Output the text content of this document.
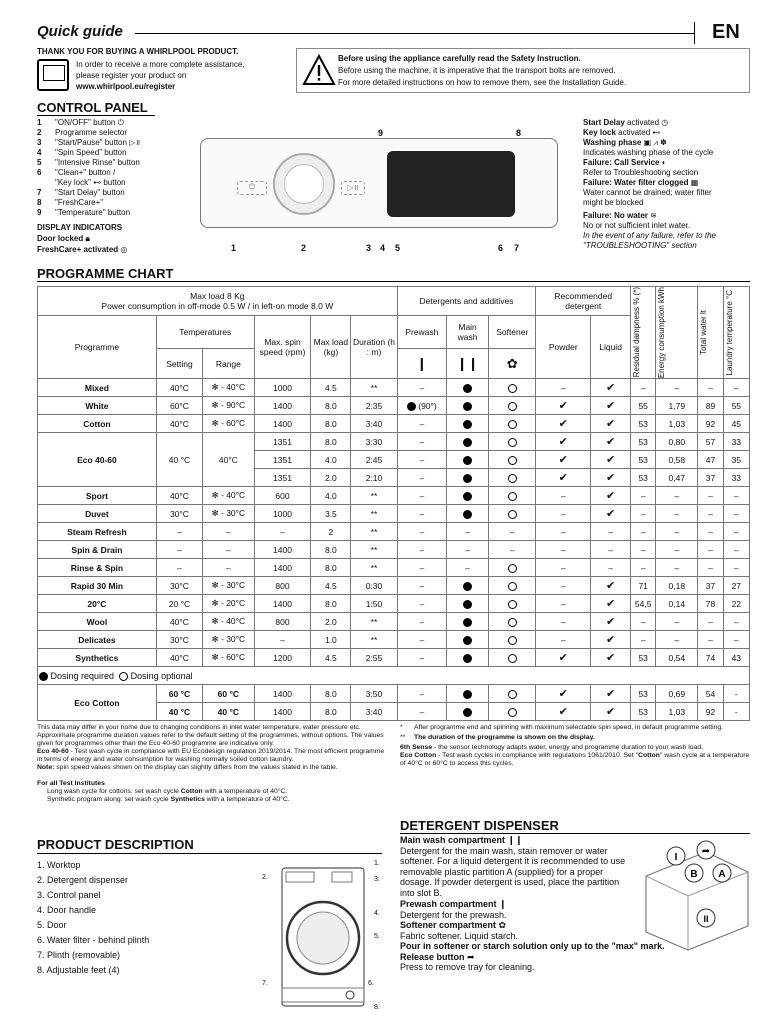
Quick guide	EN
THANK YOU FOR BUYING A WHIRLPOOL PRODUCT.
In order to receive a more complete assistance,
please register your product on
www.whirlpool.eu/register
Before using the appliance carefully read the Safety Instruction.
Before using the machine, it is imperative that the transport bolts are removed.
For more detailed instructions on how to remove them, see the Installation Guide.
CONTROL PANEL
1 "ON/OFF" button ⏻
2 Programme selector
3 "Start/Pause" button ▷॥
4 "Spin Speed" button
5 "Intensive Rinse" button
6 "Clean+" button /
"Key lock" ⊷ button
7 "Start Delay" button
8 "FreshCare+"
9 "Temperature" button
DISPLAY INDICATORS
Door locked 🔒︎
FreshCare+ activated ◎
⏻	▷॥
Start Delay activated ◷
Key lock activated ⊷
Washing phase ▣ ⩘ ✽
Indicates washing phase of the cycle
Failure: Call Service ◐
Refer to Troubleshooting section
Failure: Water filter clogged ▦
Water cannot be drained; water filter
might be blocked
Failure: No water ≋
No or not sufficient inlet water.
In the event of any failure, refer to the
"TROUBLESHOOTING" section
PROGRAMME CHART
Max load 8 Kg
Power consumption in off-mode 0.5 W / in left-on mode 8.0 W						Detergents and additives			Recommended detergent		Residual dampness % (*)	Energy consumption kWh	Total water lt	Laundry temperature °C

Programme	Temperatures		Max. spin speed (rpm)	Max load (kg)	Duration (h : m)	Prewash	Main wash	Softener	Powder	Liquid				
	Setting	Range				❙	❙❙	✿						

Mixed	40°C	✻ - 40°C	1000	4.5	**	–			–	✔	–	–	–	–
White	60°C	✻ - 90°C	1400	8.0	2:35	(90°)			✔	✔	55	1,79	89	55
Cotton	40°C	✻ - 60°C	1400	8.0	3:40	–			✔	✔	53	1,03	92	45
Eco 40-60	40 °C	40°C	1351	8.0	3:30	–			✔	✔	53	0,80	57	33
			1351	4.0	2:45	–			✔	✔	53	0,58	47	35
			1351	2.0	2:10	–			✔	✔	53	0,47	37	33
Sport	40°C	✻ - 40°C	600	4.0	**	–			–	✔	–	–	–	–
Duvet	30°C	✻ - 30°C	1000	3.5	**	–			–	✔	–	–	–	–
Steam Refresh	–	–	–	2	**	–	–	–	–	–	–	–	–	–
Spin & Drain	–	–	1400	8.0	**	–	–	–	–	–	–	–	–	–
Rinse & Spin	–	–	1400	8.0	**	–	–		–	–	–	–	–	–
Rapid 30 Min	30°C	✻ - 30°C	800	4.5	0:30	–			–	✔	71	0,18	37	27
20°C	20 °C	✻ - 20°C	1400	8.0	1:50	–			–	✔	54,5	0,14	78	22
Wool	40°C	✻ - 40°C	800	2.0	**	–			–	✔	–	–	–	–
Delicates	30°C	✻ - 30°C	–	1.0	**	–			–	✔	–	–	–	–
Synthetics	40°C	✻ - 60°C	1200	4.5	2:55	–			✔	✔	53	0,54	74	43
Dosing required Dosing optional														
Eco Cotton	60 °C	60 °C	1400	8.0	3:50	–			✔	✔	53	0,69	54	-
	40 °C	40 °C	1400	8.0	3:40	–			✔	✔	53	1,03	92	-
This data may differ in your home due to changing conditions in inlet water temperature, water pressure etc. Approximate programme duration values refer to the default setting of the programmes, without options. The values given for programmes other than the Eco 40-60 programme are indicative only.
Eco 40-60 - Test wash cycle in compliance with EU Ecodesign regulation 2019/2014. The most efficient programme in terms of energy and water consumption for washing normally soiled cotton laundry.
Note: spin speed values shown on the display can slightly differs from the values stated in the table.
For all Test Institutes
Long wash cycle for cottons: set wash cycle Cotton with a temperature of 40°C.
Synthetic program along: set wash cycle Synthetics with a temperature of 40°C.
* After programme end and spinning with maximum selectable spin speed, in default programme setting.
** The duration of the programme is shown on the display.
6th Sense - the sensor technology adapts water, energy and programme duration to your wash load.
Eco Cotton - Test wash cycles in compliance with regulations 1061/2010. Set "Cotton" wash cycle at a temperature of 40°C or 60°C to access this cycles.
PRODUCT DESCRIPTION
1. Worktop
2. Detergent dispenser
3. Control panel
4. Door handle
5. Door
6. Water filter - behind plinth
7. Plinth (removable)
8. Adjustable feet (4)
DETERGENT DISPENSER
Main wash compartment ❙❙
Detergent for the main wash, stain remover or water softener. For a liquid detergent it is recommended to use removable plastic partition A (supplied) for a proper dosage. If powder detergent is used, place the partition into slot B.
Prewash compartment ❙
Detergent for the prewash.
Softener compartment ✿
Fabric softener. Liquid starch.
Pour in softener or starch solution only up to the "max" mark.
Release button ➦
Press to remove tray for cleaning.
I
➦
B A
II
1	2	3 4 5	6 7
8
9
1.
2.	3.
4.
5.
6.
7.
8.
